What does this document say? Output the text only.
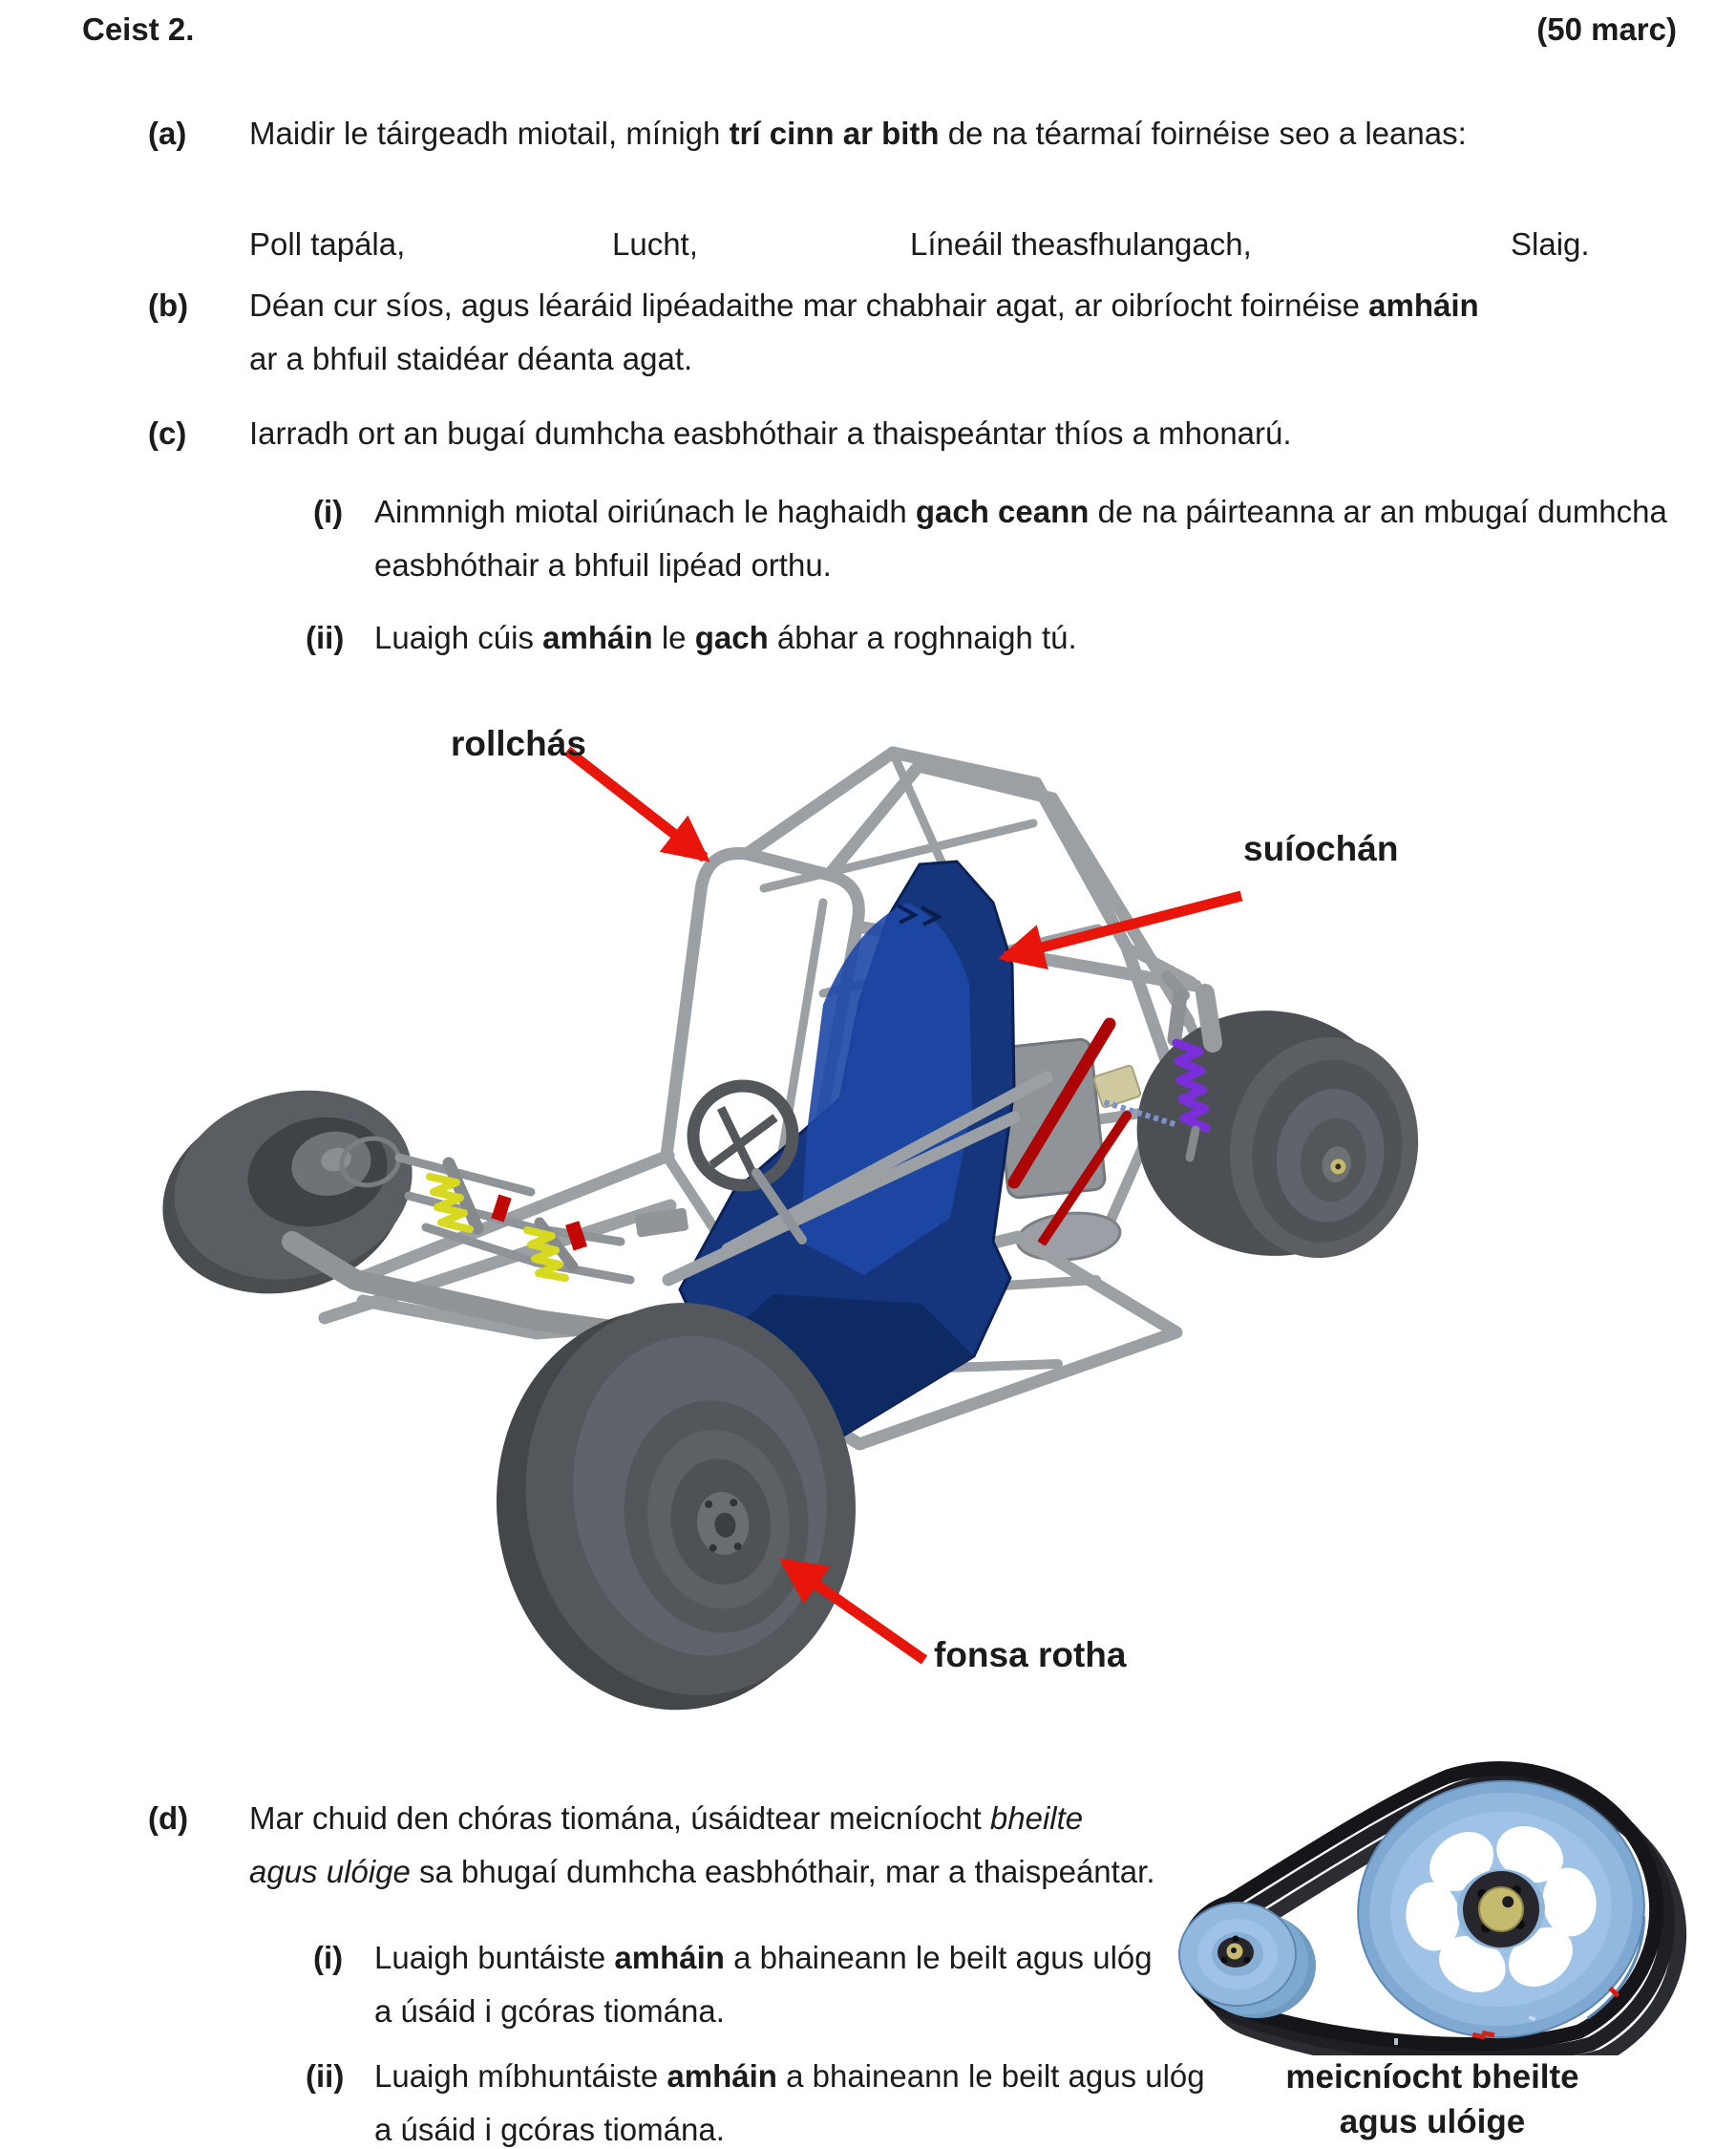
Ceist 2.	(50 marc)
(a) Maidir le táirgeadh miotail, mínigh trí cinn ar bith de na téarmaí foirnéise seo a leanas:
Poll tapála,	Lucht,	Líneáil theasfhulangach,	Slaig.
(b) Déan cur síos, agus léaráid lipéadaithe mar chabhair agat, ar oibríocht foirnéise amháin
ar a bhfuil staidéar déanta agat.
(c) Iarradh ort an bugaí dumhcha easbhóthair a thaispeántar thíos a mhonarú.
(i) Ainmnigh miotal oiriúnach le haghaidh gach ceann de na páirteanna ar an mbugaí dumhcha
easbhóthair a bhfuil lipéad orthu.
(ii) Luaigh cúis amháin le gach ábhar a roghnaigh tú.
rollchás
suíochán
fonsa rotha
(d) Mar chuid den chóras tiomána, úsáidtear meicníocht bheilte
agus ulóige sa bhugaí dumhcha easbhóthair, mar a thaispeántar.
(i) Luaigh buntáiste amháin a bhaineann le beilt agus ulóg
a úsáid i gcóras tiomána.
(ii) Luaigh míbhuntáiste amháin a bhaineann le beilt agus ulóg
a úsáid i gcóras tiomána.
meicníocht bheilte
agus ulóige
